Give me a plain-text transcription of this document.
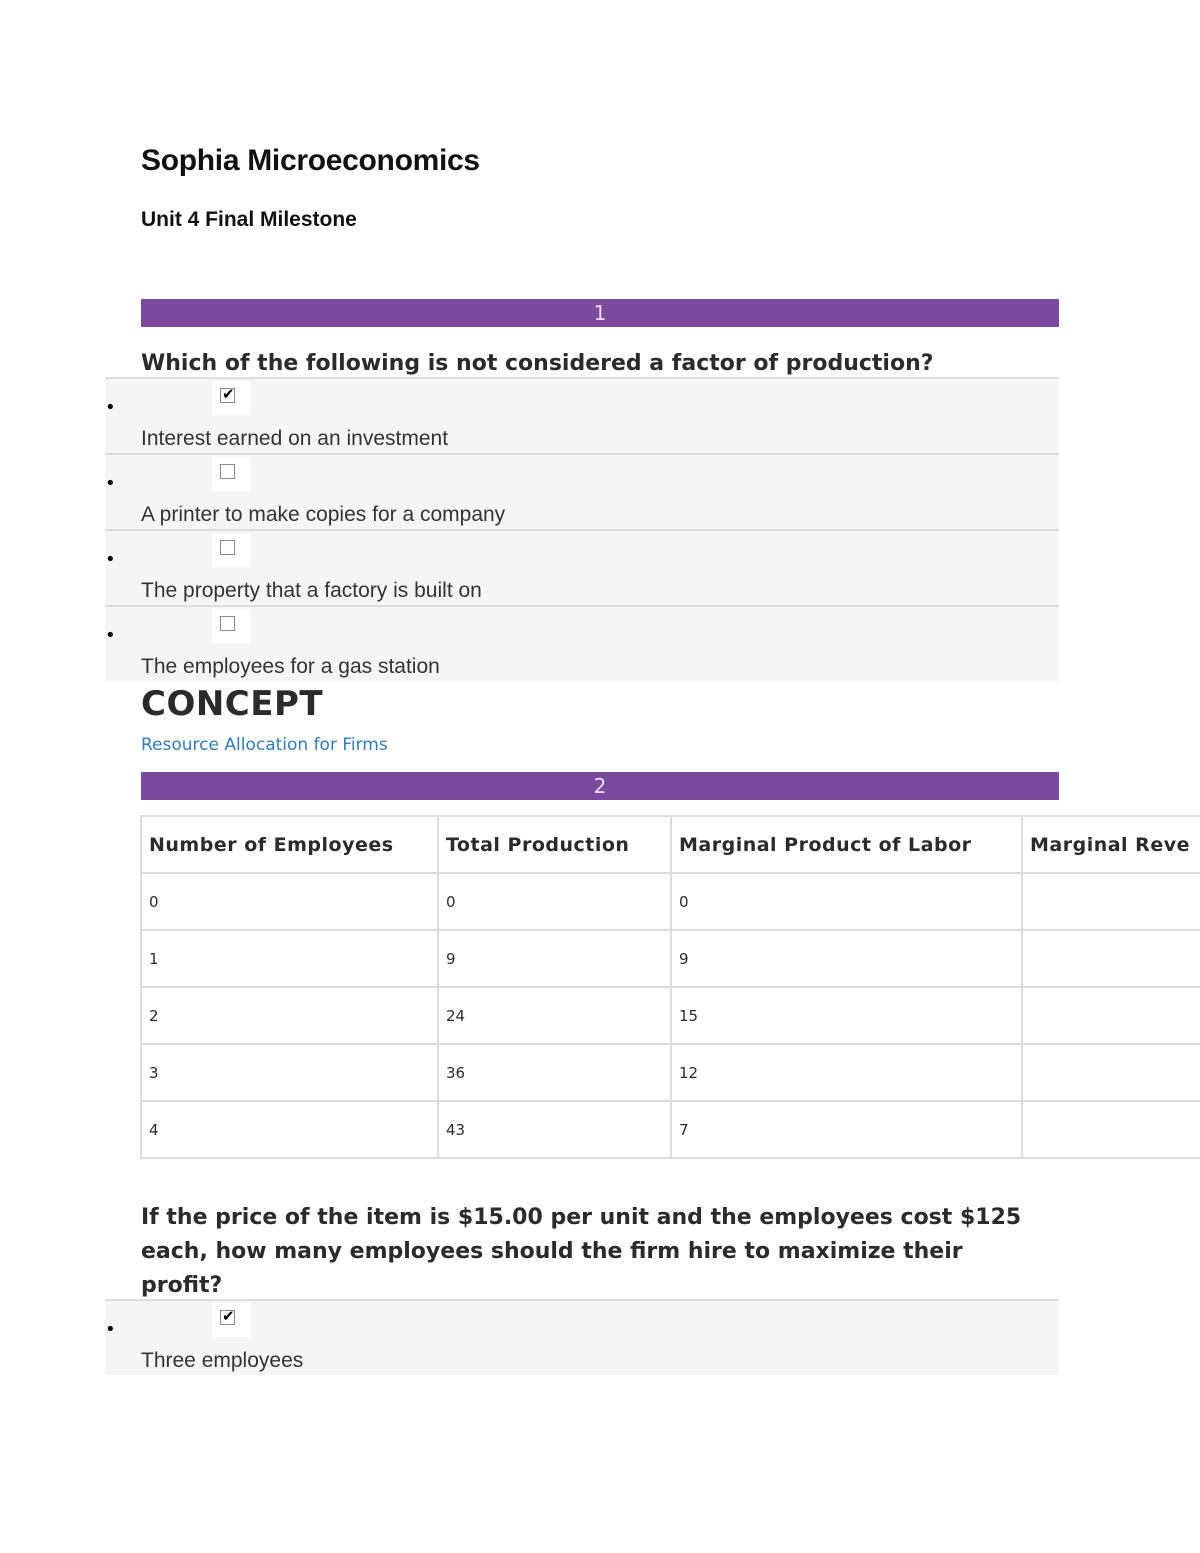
Sophia Microeconomics
Unit 4 Final Milestone
1
Which of the following is not considered a factor of production?
•
✔
Interest earned on an investment
•
A printer to make copies for a company
•
The property that a factory is built on
•
The employees for a gas station
CONCEPT
Resource Allocation for Firms
2
Number of Employees	Total Production	Marginal Product of Labor	Marginal Reve
0	0	0	
1	9	9	
2	24	15	
3	36	12	
4	43	7	
If the price of the item is $15.00 per unit and the employees cost $125 each, how many employees should the firm hire to maximize their profit?
•
✔
Three employees
